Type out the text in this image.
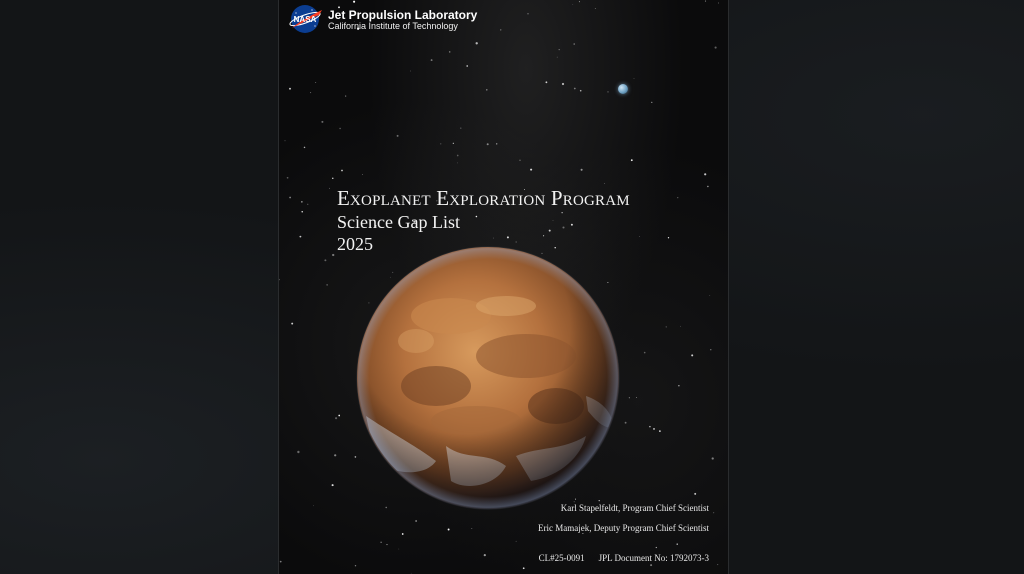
NASA Jet Propulsion Laboratory
California Institute of Technology
Exoplanet Exploration Program
Science Gap List
2025
Karl Stapelfeldt, Program Chief Scientist
Eric Mamajek, Deputy Program Chief Scientist
CL#25-0091 JPL Document No: 1792073-3
